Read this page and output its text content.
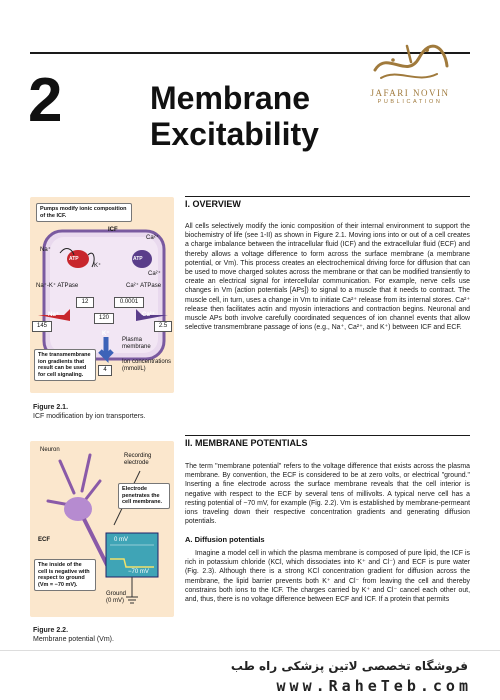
2	Membrane
Excitability
JAFARI NOVIN
PUBLICATION
Pumps modify ionic composition of the ICF.
ICF
ATP	ATP
Na⁺
K⁺
Ca²⁺
Ca²⁺
Na⁺-K⁺ ATPase	Ca²⁺ ATPase
12	0.0001
145
120
2.5
4
Na⁺
K⁺
Ca²⁺
Plasma membrane
Ion concentrations (mmol/L)
The transmembrane ion gradients that result can be used for cell signaling.
Figure 2.1.
ICF modification by ion transporters.
Neuron
Recording electrode
Electrode penetrates the cell membrane.
ECF	0 mV
−70 mV
The inside of the cell is negative with respect to ground (Vm = −70 mV).
Ground (0 mV)
Figure 2.2.
Membrane potential (Vm).
I. OVERVIEW
All cells selectively modify the ionic composition of their internal environment to support the biochemistry of life (see 1-II) as shown in Figure 2.1. Moving ions into or out of a cell creates a charge imbalance between the intracellular fluid (ICF) and the extracellular fluid (ECF) and thereby allows a voltage difference to form across the surface membrane (a membrane potential, or Vm). This process creates an electrochemical driving force for diffusion that can be used to move charged solutes across the membrane or that can be modified transiently to create an electrical signal for intercellular communication. For example, nerve cells use changes in Vm (action potentials [APs]) to signal to a muscle that it needs to contract. The muscle cell, in turn, uses a change in Vm to initiate Ca²⁺ release from its internal stores. Ca²⁺ release then facilitates actin and myosin interactions and contraction begins. Neuronal and muscle APs both involve carefully coordinated sequences of ion channel events that allow selective transmembrane passage of ions (e.g., Na⁺, Ca²⁺, and K⁺) between ICF and ECF.
II. MEMBRANE POTENTIALS
The term "membrane potential" refers to the voltage difference that exists across the plasma membrane. By convention, the ECF is considered to be at zero volts, or electrical "ground." Inserting a fine electrode across the surface membrane reveals that the cell interior is negative with respect to the ECF by several tens of millivolts. A typical nerve cell has a resting potential of −70 mV, for example (Fig. 2.2). Vm is established by membrane-permeant ions traveling down their respective concentration gradients and generating diffusion potentials.
A. Diffusion potentials
Imagine a model cell in which the plasma membrane is composed of pure lipid, the ICF is rich in potassium chloride (KCl, which dissociates into K⁺ and Cl⁻) and ECF is pure water (Fig. 2.3). Although there is a strong KCl concentration gradient for diffusion across the membrane, the lipid barrier prevents both K⁺ and Cl⁻ from leaving the cell and thereby constrains both ions to the ICF. The charges carried by K⁺ and Cl⁻ cancel each other out, and, thus, there is no voltage difference between ECF and ICF. If a protein that permits
فروشگاه تخصصی لاتین پزشکی راه طب
www.RaheTeb.com
